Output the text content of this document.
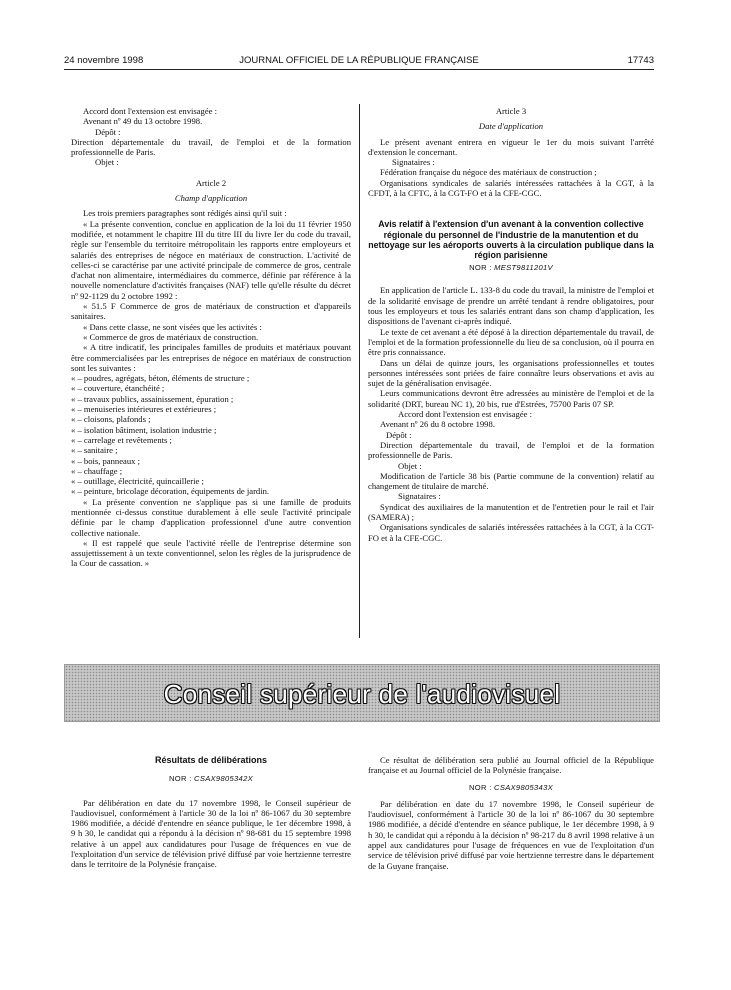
24 novembre 1998	JOURNAL OFFICIEL DE LA RÉPUBLIQUE FRANÇAISE	17743

Accord dont l'extension est envisagée :

Avenant nº 49 du 13 octobre 1998.

Dépôt :

Direction départementale du travail, de l'emploi et de la formation professionnelle de Paris.

Objet :

Article 2

Champ d'application

Les trois premiers paragraphes sont rédigés ainsi qu'il suit :

« La présente convention, conclue en application de la loi du 11 février 1950 modifiée, et notamment le chapitre III du titre III du livre Ier du code du travail, règle sur l'ensemble du territoire métropolitain les rapports entre employeurs et salariés des entreprises de négoce en matériaux de construction. L'activité de celles-ci se caractérise par une activité principale de commerce de gros, centrale d'achat non alimentaire, intermédiaires du commerce, définie par référence à la nouvelle nomenclature d'activités françaises (NAF) telle qu'elle résulte du décret nº 92-1129 du 2 octobre 1992 :

« 51.5 F Commerce de gros de matériaux de construction et d'appareils sanitaires.

« Dans cette classe, ne sont visées que les activités :

« Commerce de gros de matériaux de construction.

« A titre indicatif, les principales familles de produits et matériaux pouvant être commercialisées par les entreprises de négoce en matériaux de construction sont les suivantes :

« – poudres, agrégats, béton, éléments de structure ;

« – couverture, étanchéité ;

« – travaux publics, assainissement, épuration ;

« – menuiseries intérieures et extérieures ;

« – cloisons, plafonds ;

« – isolation bâtiment, isolation industrie ;

« – carrelage et revêtements ;

« – sanitaire ;

« – bois, panneaux ;

« – chauffage ;

« – outillage, électricité, quincaillerie ;

« – peinture, bricolage décoration, équipements de jardin.

« La présente convention ne s'applique pas si une famille de produits mentionnée ci-dessus constitue durablement à elle seule l'activité principale définie par le champ d'application professionnel d'une autre convention collective nationale.

« Il est rappelé que seule l'activité réelle de l'entreprise détermine son assujettissement à un texte conventionnel, selon les règles de la jurisprudence de la Cour de cassation. »

Article 3

Date d'application

Le présent avenant entrera en vigueur le 1er du mois suivant l'arrêté d'extension le concernant.

Signataires :

Fédération française du négoce des matériaux de construction ;

Organisations syndicales de salariés intéressées rattachées à la CGT, à la CFDT, à la CFTC, à la CGT-FO et à la CFE-CGC.

Avis relatif à l'extension d'un avenant à la convention collective régionale du personnel de l'industrie de la manutention et du nettoyage sur les aéroports ouverts à la circulation publique dans la région parisienne

NOR : MEST9811201V

En application de l'article L. 133-8 du code du travail, la ministre de l'emploi et de la solidarité envisage de prendre un arrêté tendant à rendre obligatoires, pour tous les employeurs et tous les salariés entrant dans son champ d'application, les dispositions de l'avenant ci-après indiqué.

Le texte de cet avenant a été déposé à la direction départementale du travail, de l'emploi et de la formation professionnelle du lieu de sa conclusion, où il pourra en être pris connaissance.

Dans un délai de quinze jours, les organisations professionnelles et toutes personnes intéressées sont priées de faire connaître leurs observations et avis au sujet de la généralisation envisagée.

Leurs communications devront être adressées au ministère de l'emploi et de la solidarité (DRT, bureau NC 1), 20 bis, rue d'Estrées, 75700 Paris 07 SP.

Accord dont l'extension est envisagée :

Avenant nº 26 du 8 octobre 1998.

Dépôt :

Direction départementale du travail, de l'emploi et de la formation professionnelle de Paris.

Objet :

Modification de l'article 38 bis (Partie commune de la convention) relatif au changement de titulaire de marché.

Signataires :

Syndicat des auxiliaires de la manutention et de l'entretien pour le rail et l'air (SAMERA) ;

Organisations syndicales de salariés intéressées rattachées à la CGT, à la CGT-FO et à la CFE-CGC.

Conseil supérieur de l'audiovisuel

Résultats de délibérations

NOR : CSAX9805342X

Par délibération en date du 17 novembre 1998, le Conseil supérieur de l'audiovisuel, conformément à l'article 30 de la loi nº 86-1067 du 30 septembre 1986 modifiée, a décidé d'entendre en séance publique, le 1er décembre 1998, à 9 h 30, le candidat qui a répondu à la décision nº 98-681 du 15 septembre 1998 relative à un appel aux candidatures pour l'usage de fréquences en vue de l'exploitation d'un service de télévision privé diffusé par voie hertzienne terrestre dans le territoire de la Polynésie française.

Ce résultat de délibération sera publié au Journal officiel de la République française et au Journal officiel de la Polynésie française.

NOR : CSAX9805343X

Par délibération en date du 17 novembre 1998, le Conseil supérieur de l'audiovisuel, conformément à l'article 30 de la loi nº 86-1067 du 30 septembre 1986 modifiée, a décidé d'entendre en séance publique, le 1er décembre 1998, à 9 h 30, le candidat qui a répondu à la décision nº 98-217 du 8 avril 1998 relative à un appel aux candidatures pour l'usage de fréquences en vue de l'exploitation d'un service de télévision privé diffusé par voie hertzienne terrestre dans le département de la Guyane française.
